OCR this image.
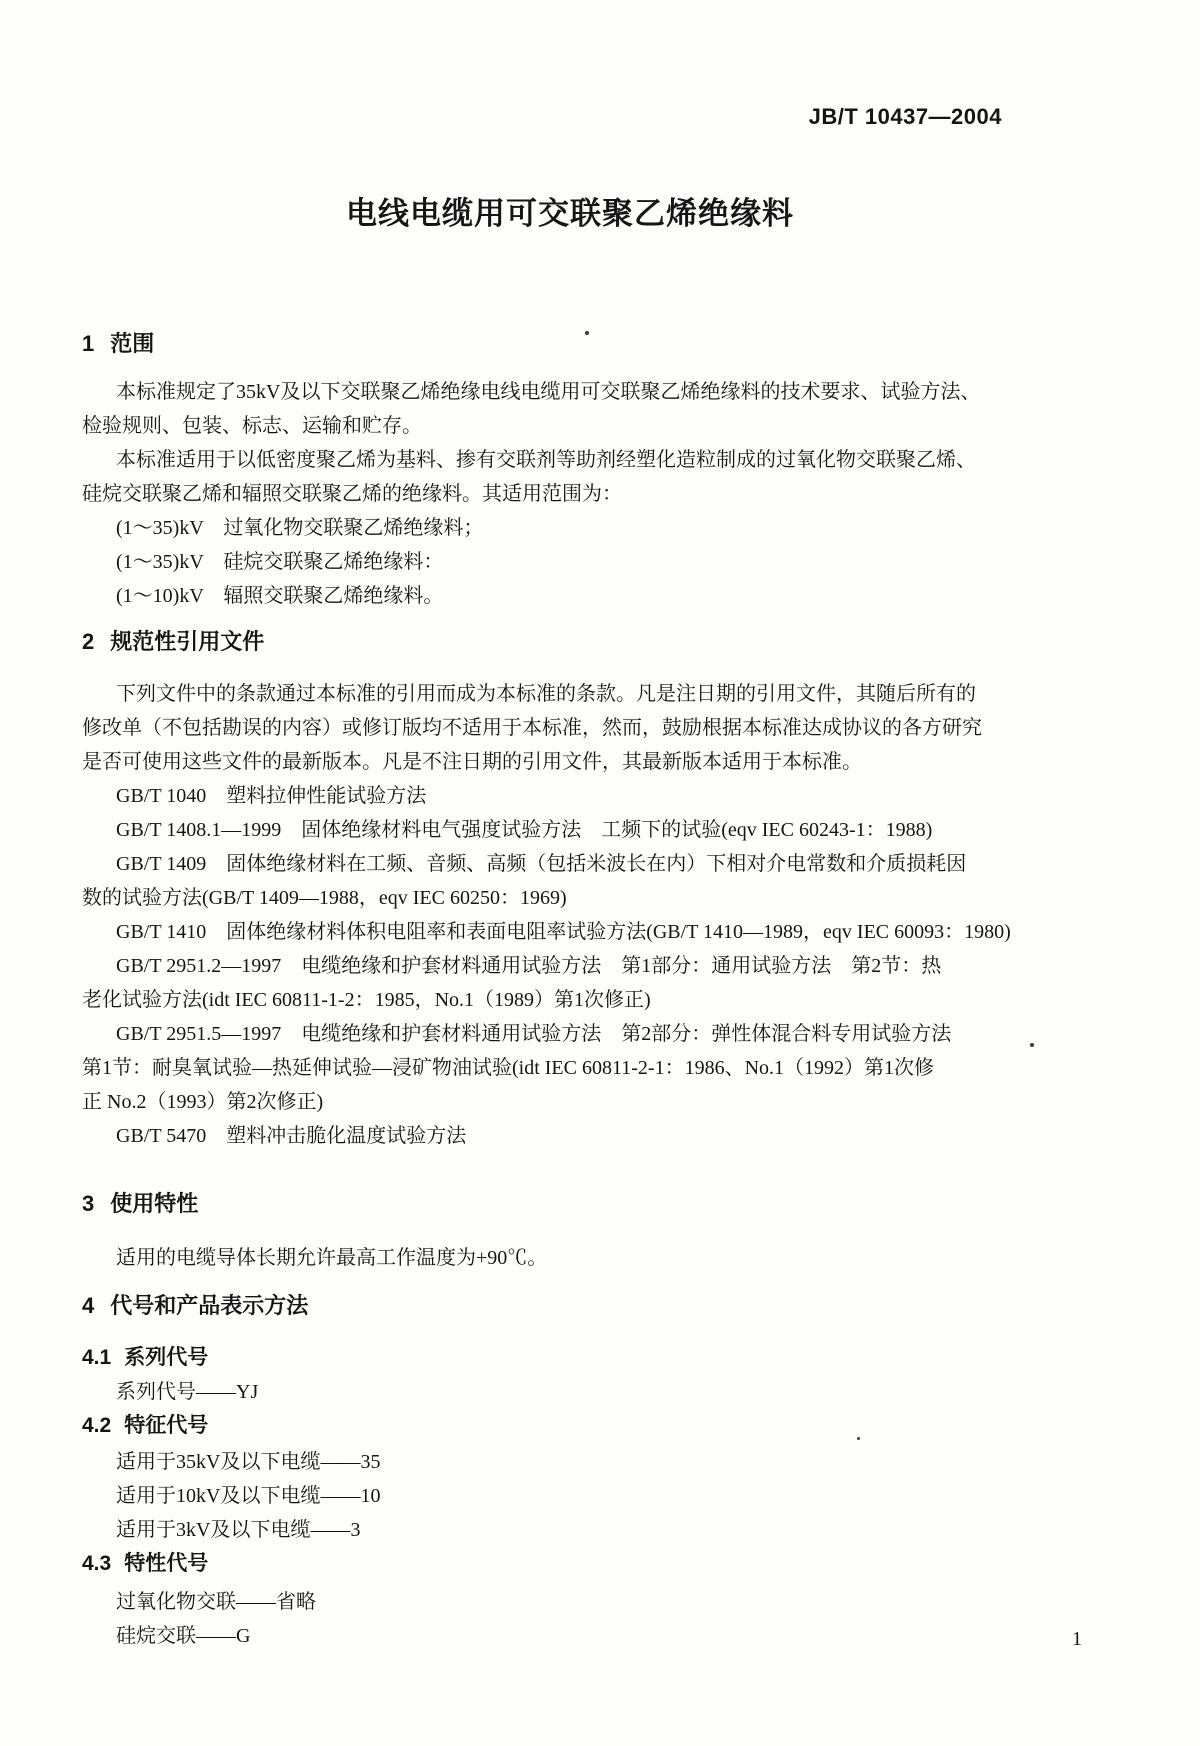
JB/T 10437—2004
电线电缆用可交联聚乙烯绝缘料
1 范围
本标准规定了35kV及以下交联聚乙烯绝缘电线电缆用可交联聚乙烯绝缘料的技术要求、试验方法、
检验规则、包装、标志、运输和贮存。
本标准适用于以低密度聚乙烯为基料、掺有交联剂等助剂经塑化造粒制成的过氧化物交联聚乙烯、
硅烷交联聚乙烯和辐照交联聚乙烯的绝缘料。其适用范围为：
(1～35)kV　过氧化物交联聚乙烯绝缘料；
(1～35)kV　硅烷交联聚乙烯绝缘料：
(1～10)kV　辐照交联聚乙烯绝缘料。
2 规范性引用文件
下列文件中的条款通过本标准的引用而成为本标准的条款。凡是注日期的引用文件，其随后所有的
修改单（不包括勘误的内容）或修订版均不适用于本标准，然而，鼓励根据本标准达成协议的各方研究
是否可使用这些文件的最新版本。凡是不注日期的引用文件，其最新版本适用于本标准。
GB/T 1040　塑料拉伸性能试验方法
GB/T 1408.1—1999　固体绝缘材料电气强度试验方法　工频下的试验(eqv IEC 60243-1：1988)
GB/T 1409　固体绝缘材料在工频、音频、高频（包括米波长在内）下相对介电常数和介质损耗因
数的试验方法(GB/T 1409—1988，eqv IEC 60250：1969)
GB/T 1410　固体绝缘材料体积电阻率和表面电阻率试验方法(GB/T 1410—1989，eqv IEC 60093：1980)
GB/T 2951.2—1997　电缆绝缘和护套材料通用试验方法　第1部分：通用试验方法　第2节：热
老化试验方法(idt IEC 60811-1-2：1985，No.1（1989）第1次修正)
GB/T 2951.5—1997　电缆绝缘和护套材料通用试验方法　第2部分：弹性体混合料专用试验方法
第1节：耐臭氧试验—热延伸试验—浸矿物油试验(idt IEC 60811-2-1：1986、No.1（1992）第1次修
正 No.2（1993）第2次修正)
GB/T 5470　塑料冲击脆化温度试验方法
3 使用特性
适用的电缆导体长期允许最高工作温度为+90℃。
4 代号和产品表示方法
4.1 系列代号
系列代号——YJ
4.2 特征代号
适用于35kV及以下电缆——35
适用于10kV及以下电缆——10
适用于3kV及以下电缆——3
4.3 特性代号
过氧化物交联——省略
硅烷交联——G	1
